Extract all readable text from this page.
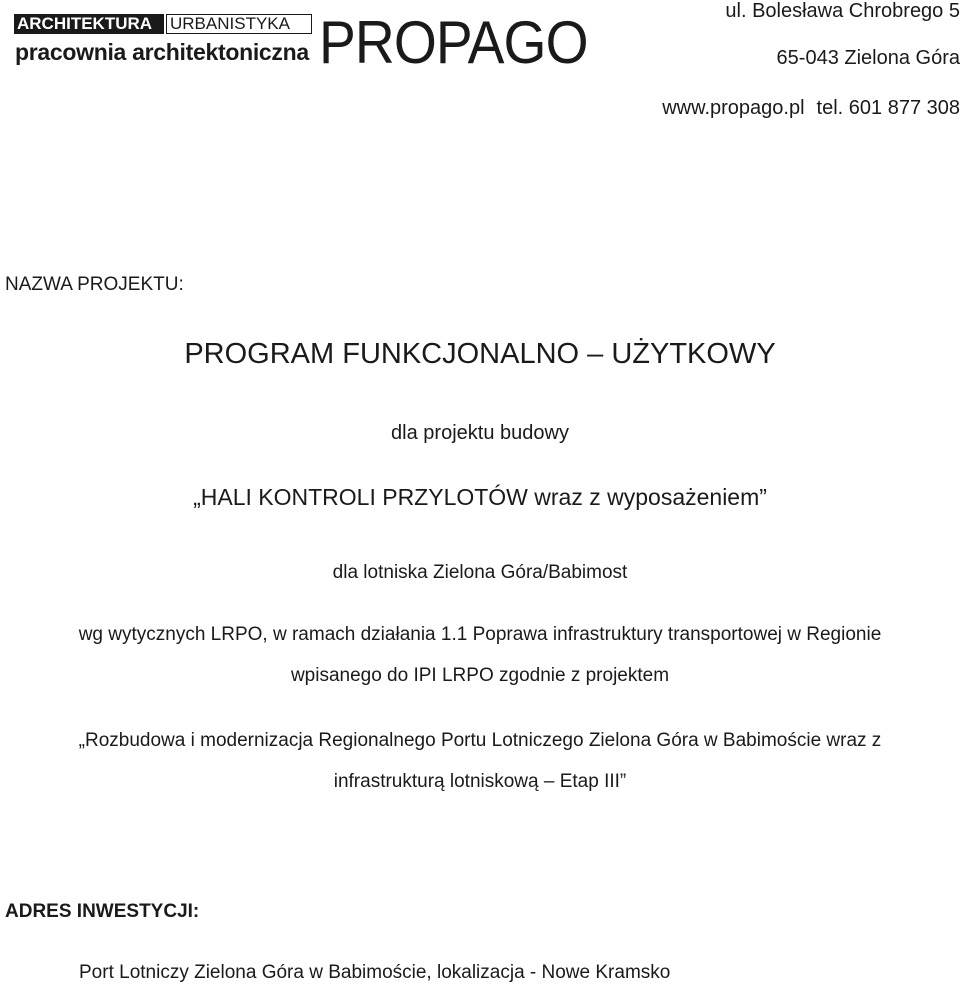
ARCHITEKTURA	URBANISTYKA
pracownia architektoniczna PROPAGO	ul. Bolesława Chrobrego 5
65-043 Zielona Góra
www.propago.pl tel. 601 877 308
NAZWA PROJEKTU:
PROGRAM FUNKCJONALNO – UŻYTKOWY
dla projektu budowy
„HALI KONTROLI PRZYLOTÓW wraz z wyposażeniem”
dla lotniska Zielona Góra/Babimost
wg wytycznych LRPO, w ramach działania 1.1 Poprawa infrastruktury transportowej w Regionie
wpisanego do IPI LRPO zgodnie z projektem
„Rozbudowa i modernizacja Regionalnego Portu Lotniczego Zielona Góra w Babimoście wraz z
infrastrukturą lotniskową – Etap III”
ADRES INWESTYCJI:
Port Lotniczy Zielona Góra w Babimoście, lokalizacja - Nowe Kramsko
